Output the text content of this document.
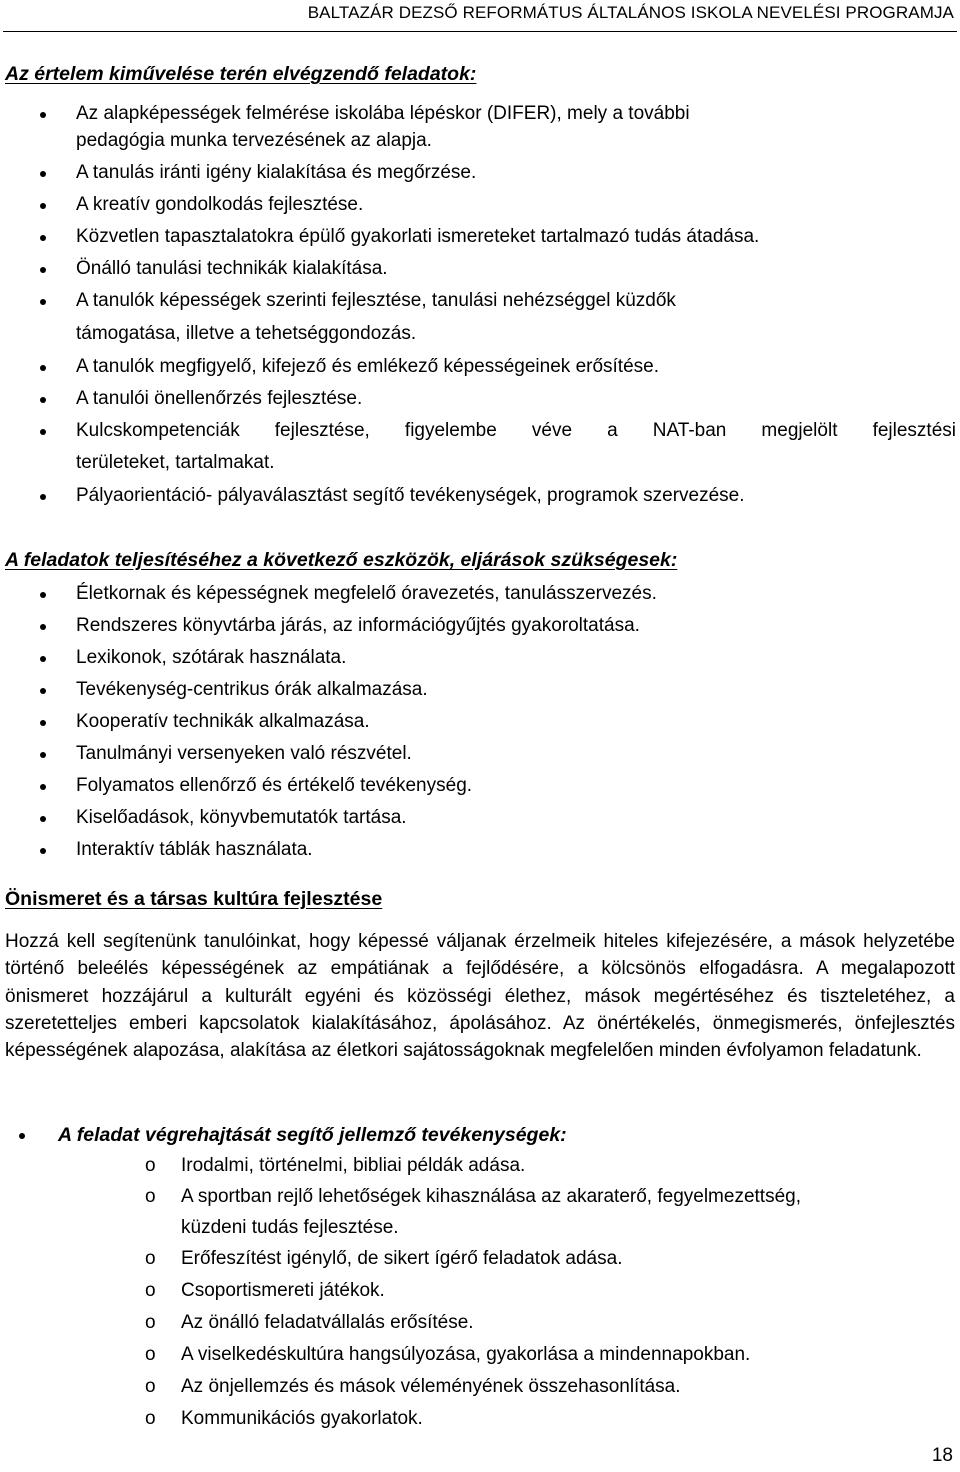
BALTAZÁR DEZSŐ REFORMÁTUS ÁLTALÁNOS ISKOLA NEVELÉSI PROGRAMJA
Az értelem kiművelése terén elvégzendő feladatok:
Az alapképességek felmérése iskolába lépéskor (DIFER), mely a további
pedagógia munka tervezésének az alapja.
A tanulás iránti igény kialakítása és megőrzése.
A kreatív gondolkodás fejlesztése.
Közvetlen tapasztalatokra épülő gyakorlati ismereteket tartalmazó tudás átadása.
Önálló tanulási technikák kialakítása.
A tanulók képességek szerinti fejlesztése, tanulási nehézséggel küzdők
támogatása, illetve a tehetséggondozás.
A tanulók megfigyelő, kifejező és emlékező képességeinek erősítése.
A tanulói önellenőrzés fejlesztése.
Kulcskompetenciák fejlesztése, figyelembe véve a NAT-ban megjelölt fejlesztési
területeket, tartalmakat.
Pályaorientáció- pályaválasztást segítő tevékenységek, programok szervezése.
A feladatok teljesítéséhez a következő eszközök, eljárások szükségesek:
Életkornak és képességnek megfelelő óravezetés, tanulásszervezés.
Rendszeres könyvtárba járás, az információgyűjtés gyakoroltatása.
Lexikonok, szótárak használata.
Tevékenység-centrikus órák alkalmazása.
Kooperatív technikák alkalmazása.
Tanulmányi versenyeken való részvétel.
Folyamatos ellenőrző és értékelő tevékenység.
Kiselőadások, könyvbemutatók tartása.
Interaktív táblák használata.
Önismeret és a társas kultúra fejlesztése
Hozzá kell segítenünk tanulóinkat, hogy képessé váljanak érzelmeik hiteles kifejezésére, a mások helyzetébe történő beleélés képességének az empátiának a fejlődésére, a kölcsönös elfogadásra. A megalapozott önismeret hozzájárul a kulturált egyéni és közösségi élethez, mások megértéséhez és tiszteletéhez, a szeretetteljes emberi kapcsolatok kialakításához, ápolásához. Az önértékelés, önmegismerés, önfejlesztés képességének alapozása, alakítása az életkori sajátosságoknak megfelelően minden évfolyamon feladatunk.
A feladat végrehajtását segítő jellemző tevékenységek:
o Irodalmi, történelmi, bibliai példák adása.
o A sportban rejlő lehetőségek kihasználása az akaraterő, fegyelmezettség,
küzdeni tudás fejlesztése.
o Erőfeszítést igénylő, de sikert ígérő feladatok adása.
o Csoportismereti játékok.
o Az önálló feladatvállalás erősítése.
o A viselkedéskultúra hangsúlyozása, gyakorlása a mindennapokban.
o Az önjellemzés és mások véleményének összehasonlítása.
o Kommunikációs gyakorlatok.
18
